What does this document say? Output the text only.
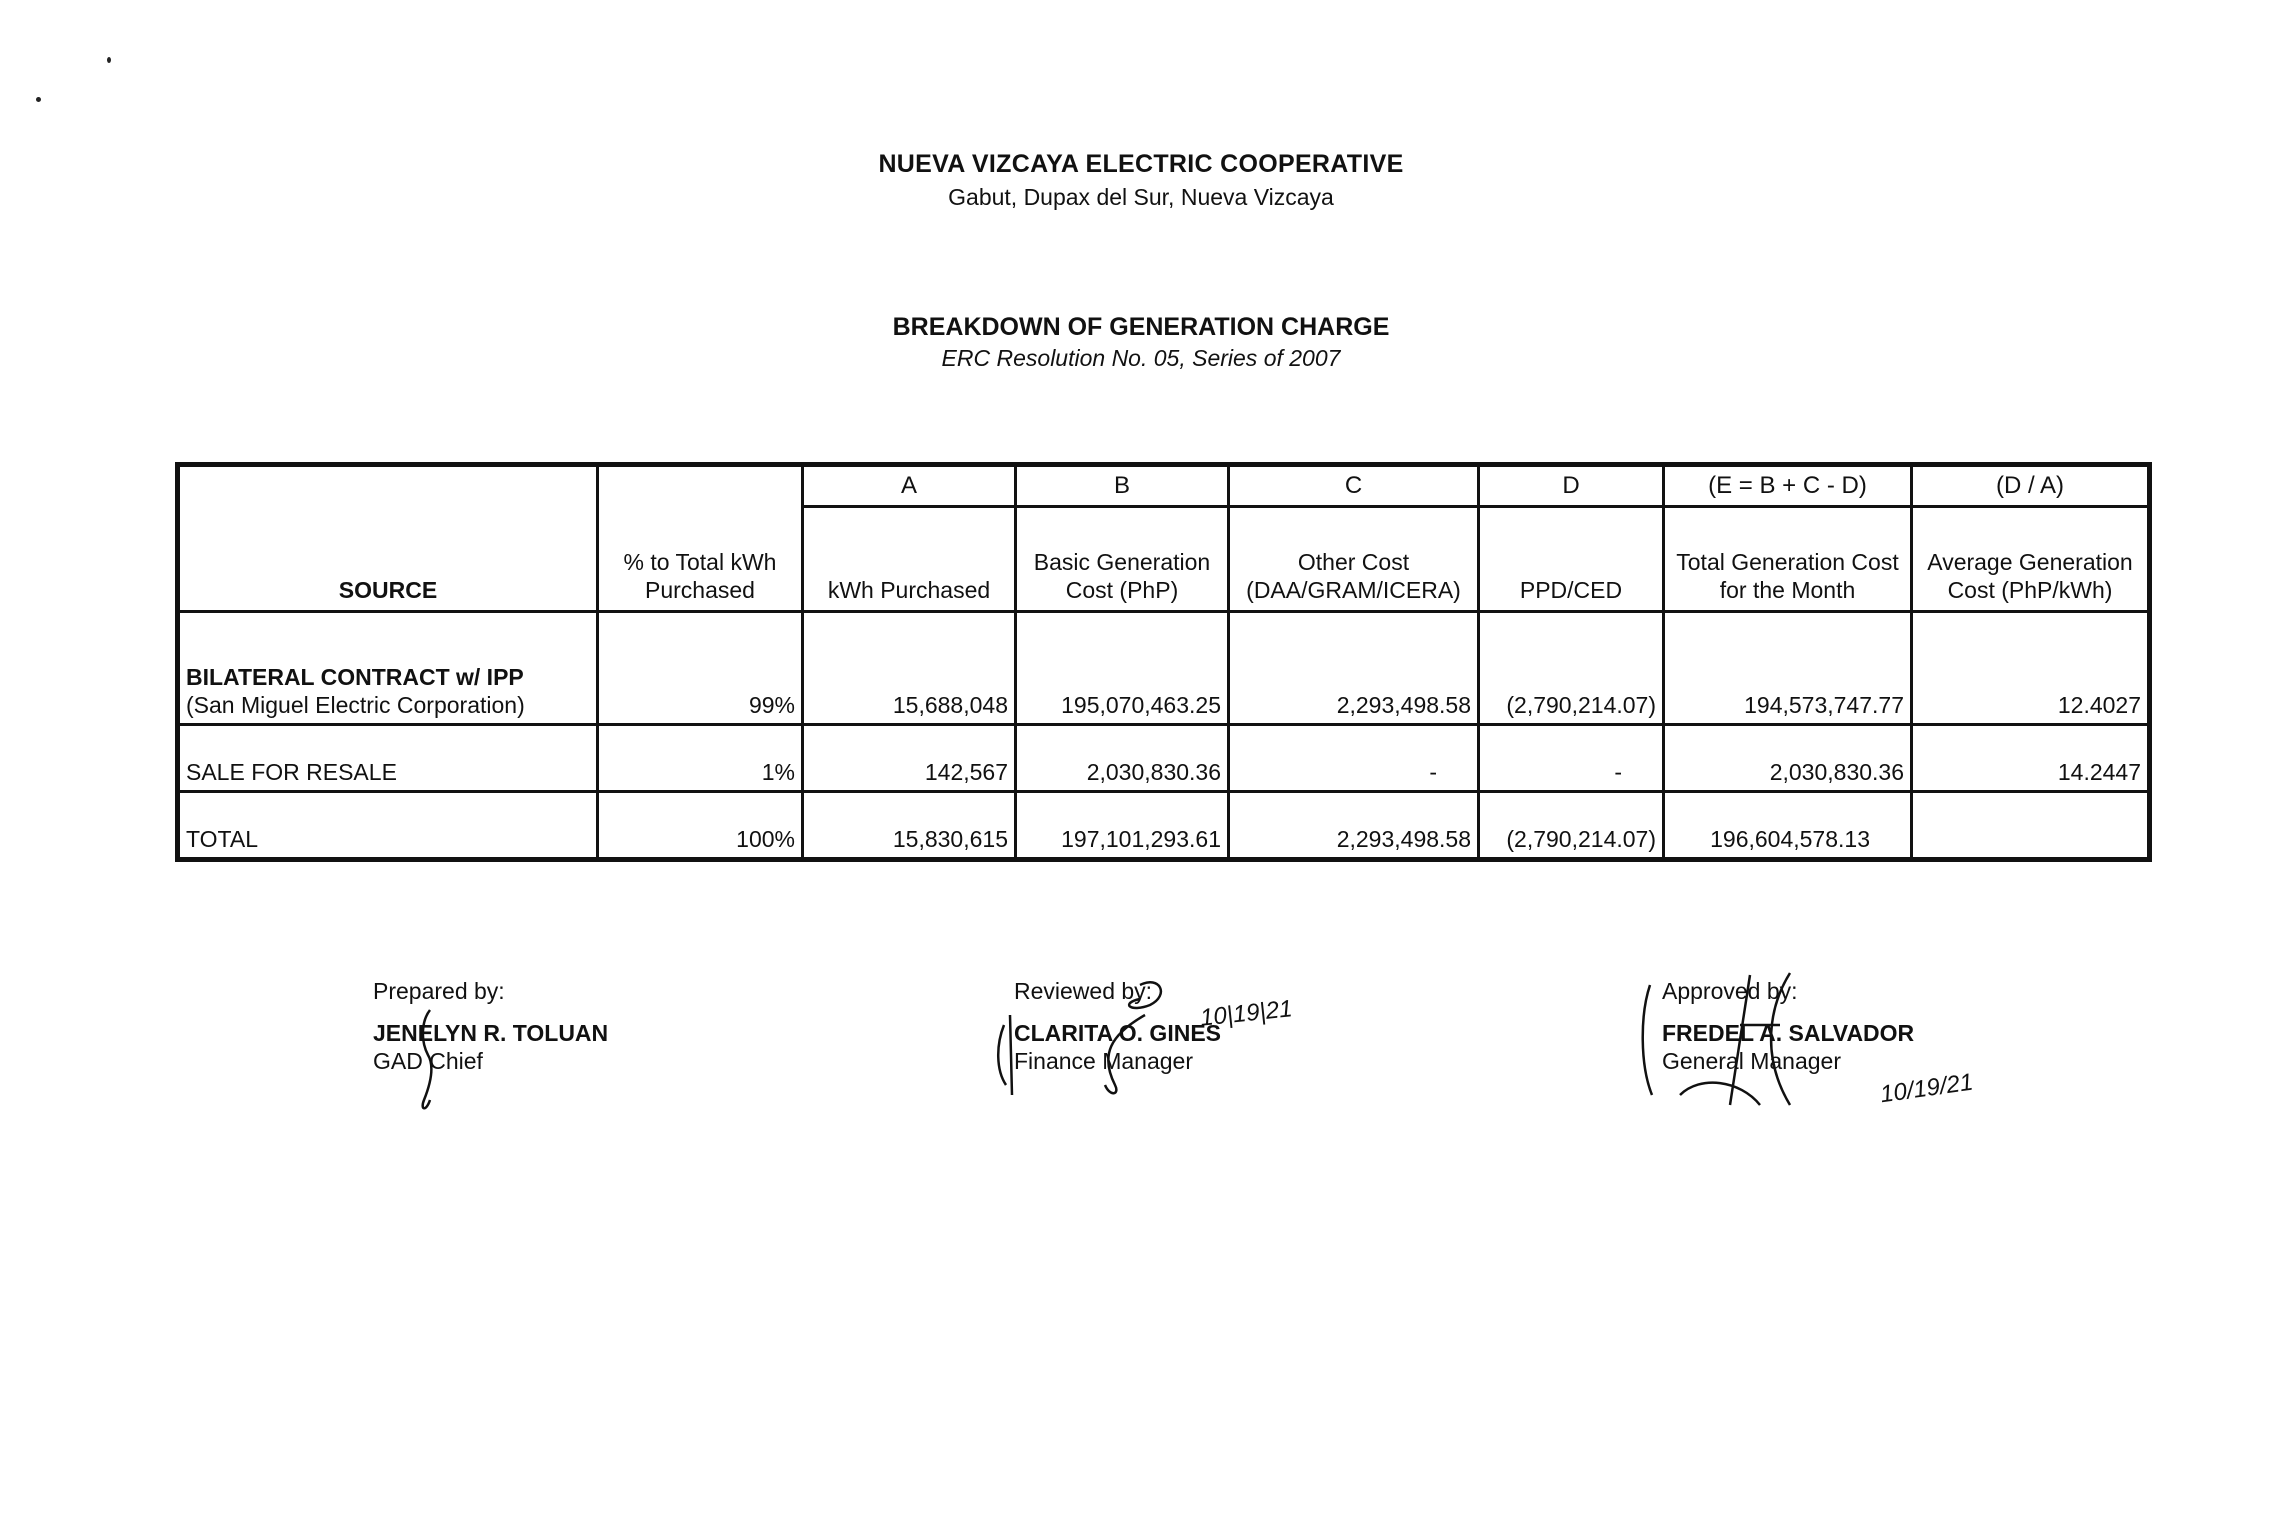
NUEVA VIZCAYA ELECTRIC COOPERATIVE
Gabut, Dupax del Sur, Nueva Vizcaya
BREAKDOWN OF GENERATION CHARGE
ERC Resolution No. 05, Series of 2007
		A	B	C	D	(E = B + C - D)	(D / A)
SOURCE	% to Total kWh Purchased	kWh Purchased	Basic Generation Cost (PhP)	Other Cost (DAA/GRAM/ICERA)	PPD/CED	Total Generation Cost for the Month	Average Generation Cost (PhP/kWh)

BILATERAL CONTRACT w/ IPP
(San Miguel Electric Corporation)	99%	15,688,048	195,070,463.25	2,293,498.58	(2,790,214.07)	194,573,747.77	12.4027

SALE FOR RESALE	1%	142,567	2,030,830.36	-	-	2,030,830.36	14.2447

TOTAL	100%	15,830,615	197,101,293.61	2,293,498.58	(2,790,214.07)	196,604,578.13	
Prepared by:
JENELYN R. TOLUAN
GAD Chief
Reviewed by:
CLARITA O. GINES
Finance Manager
10|19|21
Approved by:
FREDEL A. SALVADOR
General Manager
10/19/21
